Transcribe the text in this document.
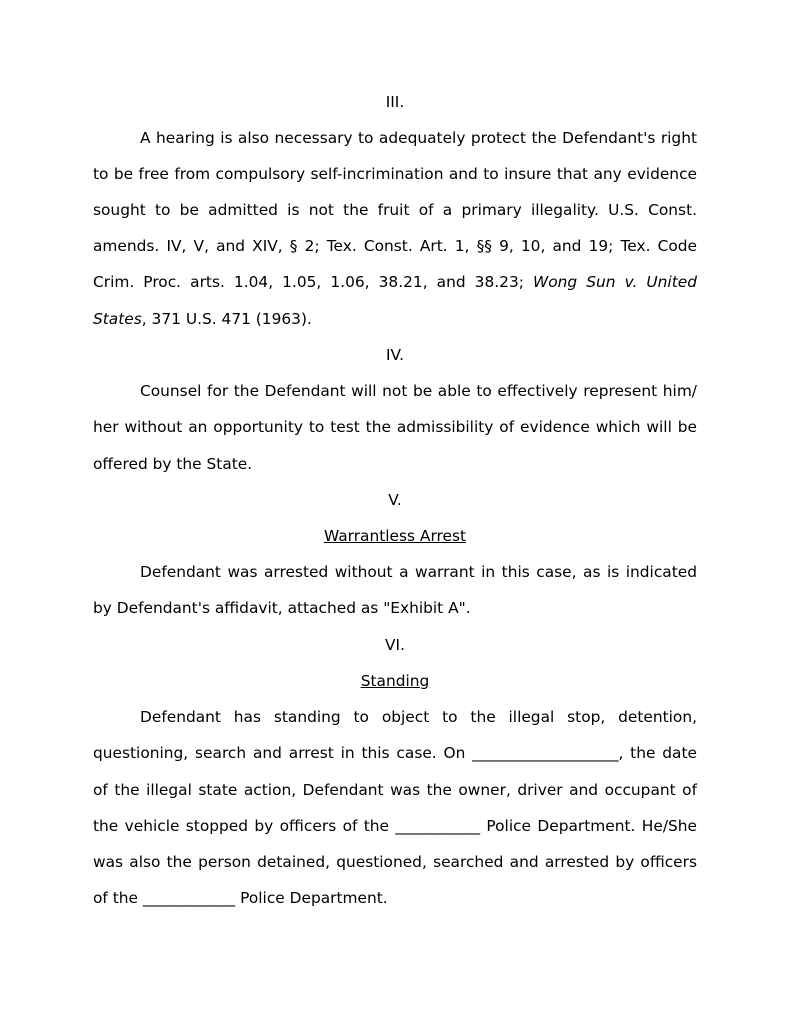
III.
A hearing is also necessary to adequately protect the Defendant's right
to be free from compulsory self-incrimination and to insure that any evidence
sought to be admitted is not the fruit of a primary illegality. U.S. Const.
amends. IV, V, and XIV, § 2; Tex. Const. Art. 1, §§ 9, 10, and 19; Tex. Code
Crim. Proc. arts. 1.04, 1.05, 1.06, 38.21, and 38.23; Wong Sun v. United
States, 371 U.S. 471 (1963).
IV.
Counsel for the Defendant will not be able to effectively represent him/
her without an opportunity to test the admissibility of evidence which will be
offered by the State.
V.
Warrantless Arrest
Defendant was arrested without a warrant in this case, as is indicated
by Defendant's affidavit, attached as "Exhibit A".
VI.
Standing
Defendant has standing to object to the illegal stop, detention,
questioning, search and arrest in this case. On ___________________, the date
of the illegal state action, Defendant was the owner, driver and occupant of
the vehicle stopped by officers of the ___________ Police Department. He/She
was also the person detained, questioned, searched and arrested by officers
of the ____________ Police Department.
